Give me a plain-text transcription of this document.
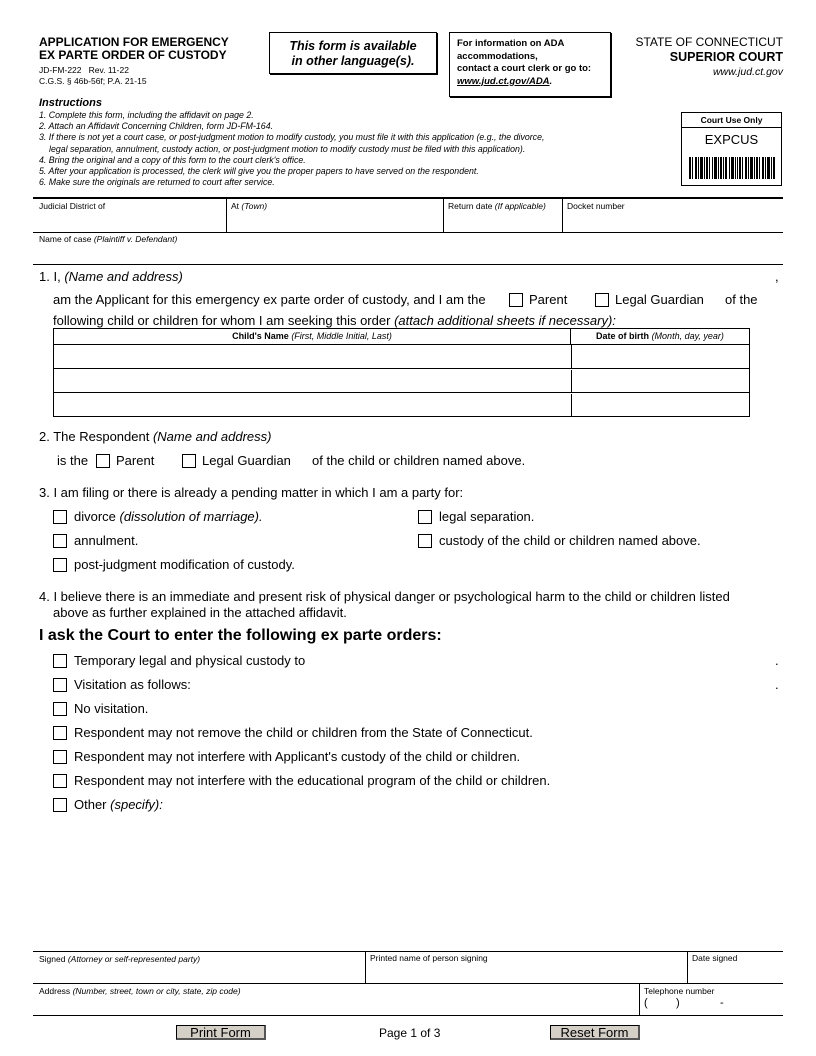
APPLICATION FOR EMERGENCY
EX PARTE ORDER OF CUSTODY
JD-FM-222 Rev. 11-22
C.G.S. § 46b-56f; P.A. 21-15
This form is available
in other language(s).
For information on ADA
accommodations,
contact a court clerk or go to:
www.jud.ct.gov/ADA.
STATE OF CONNECTICUT
SUPERIOR COURT
www.jud.ct.gov
Instructions
1. Complete this form, including the affidavit on page 2.
2. Attach an Affidavit Concerning Children, form JD-FM-164.
3. If there is not yet a court case, or post-judgment motion to modify custody, you must file it with this application (e.g., the divorce,
legal separation, annulment, custody action, or post-judgment motion to modify custody must be filed with this application).
4. Bring the original and a copy of this form to the court clerk's office.
5. After your application is processed, the clerk will give you the proper papers to have served on the respondent.
6. Make sure the originals are returned to court after service.
Court Use Only
EXPCUS
Judicial District of	At (Town)	Return date (If applicable) Docket number
Name of case (Plaintiff v. Defendant)
1. I, (Name and address)	,
am the Applicant for this emergency ex parte order of custody, and I am the	Parent	Legal Guardian of the
following child or children for whom I am seeking this order (attach additional sheets if necessary):
Child's Name (First, Middle Initial, Last)	Date of birth (Month, day, year)
2. The Respondent (Name and address)
is the Parent	Legal Guardian of the child or children named above.
3. I am filing or there is already a pending matter in which I am a party for:
divorce (dissolution of marriage).	legal separation.
annulment.	custody of the child or children named above.
post-judgment modification of custody.
4. I believe there is an immediate and present risk of physical danger or psychological harm to the child or children listed
above as further explained in the attached affidavit.
I ask the Court to enter the following ex parte orders:
Temporary legal and physical custody to	.
Visitation as follows:	.
No visitation.
Respondent may not remove the child or children from the State of Connecticut.
Respondent may not interfere with Applicant's custody of the child or children.
Respondent may not interfere with the educational program of the child or children.
Other (specify):
Signed (Attorney or self-represented party)	Printed name of person signing	Date signed
Address (Number, street, town or city, state, zip code)	Telephone number
(	)	-
Print Form	Page 1 of 3	Reset Form
